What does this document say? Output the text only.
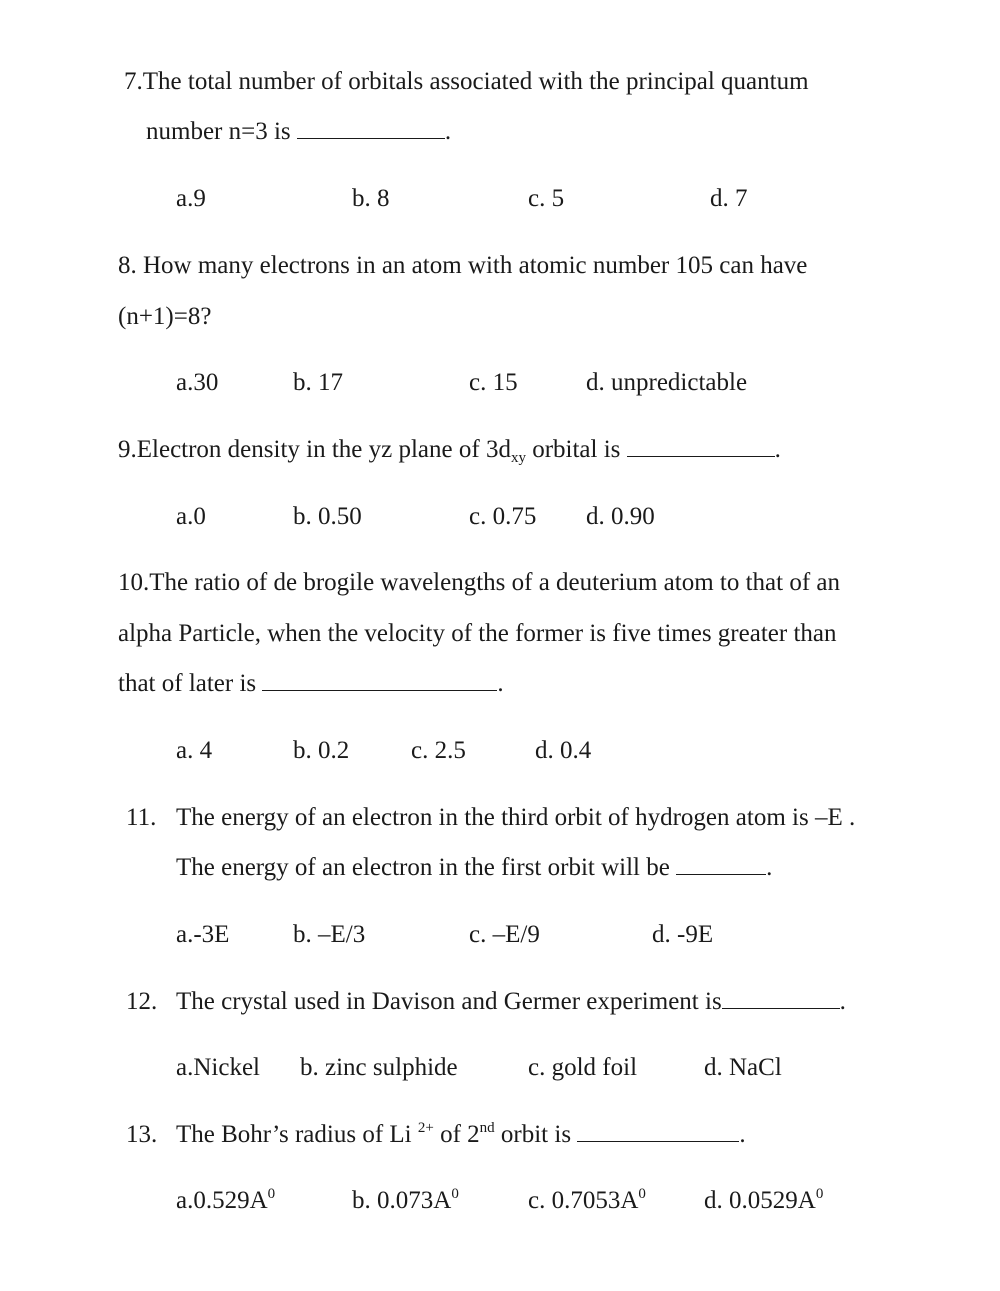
7.The total number of orbitals associated with the principal quantum
number n=3 is	.
a.9	b. 8	c. 5	d. 7
8. How many electrons in an atom with atomic number 105 can have
(n+1)=8?
a.30	b. 17	c. 15	d. unpredictable
9.Electron density in the yz plane of $3d_{xy}$ orbital is	.
a.0	b. 0.50	c. 0.75 d. 0.90
10.The ratio of de brogile wavelengths of a deuterium atom to that of an
alpha Particle, when the velocity of the former is five times greater than
that of later is	.
a. 4	b. 0.2 c. 2.5	d. 0.4
11. The energy of an electron in the third orbit of hydrogen atom is –E .
The energy of an electron in the first orbit will be	.
a.-3E	b. –E/3	c. –E/9	d. -9E
12. The crystal used in Davison and Germer experiment is	.
a.Nickel b. zinc sulphide	c. gold foil	d. NaCl
13. The Bohr’s radius of Li $^{2+}$ of 2nd orbit is	.
$a.0.529A^0$	b. $0.073A^0$	c. $0.7053A^0$ d. $0.0529A^0$
